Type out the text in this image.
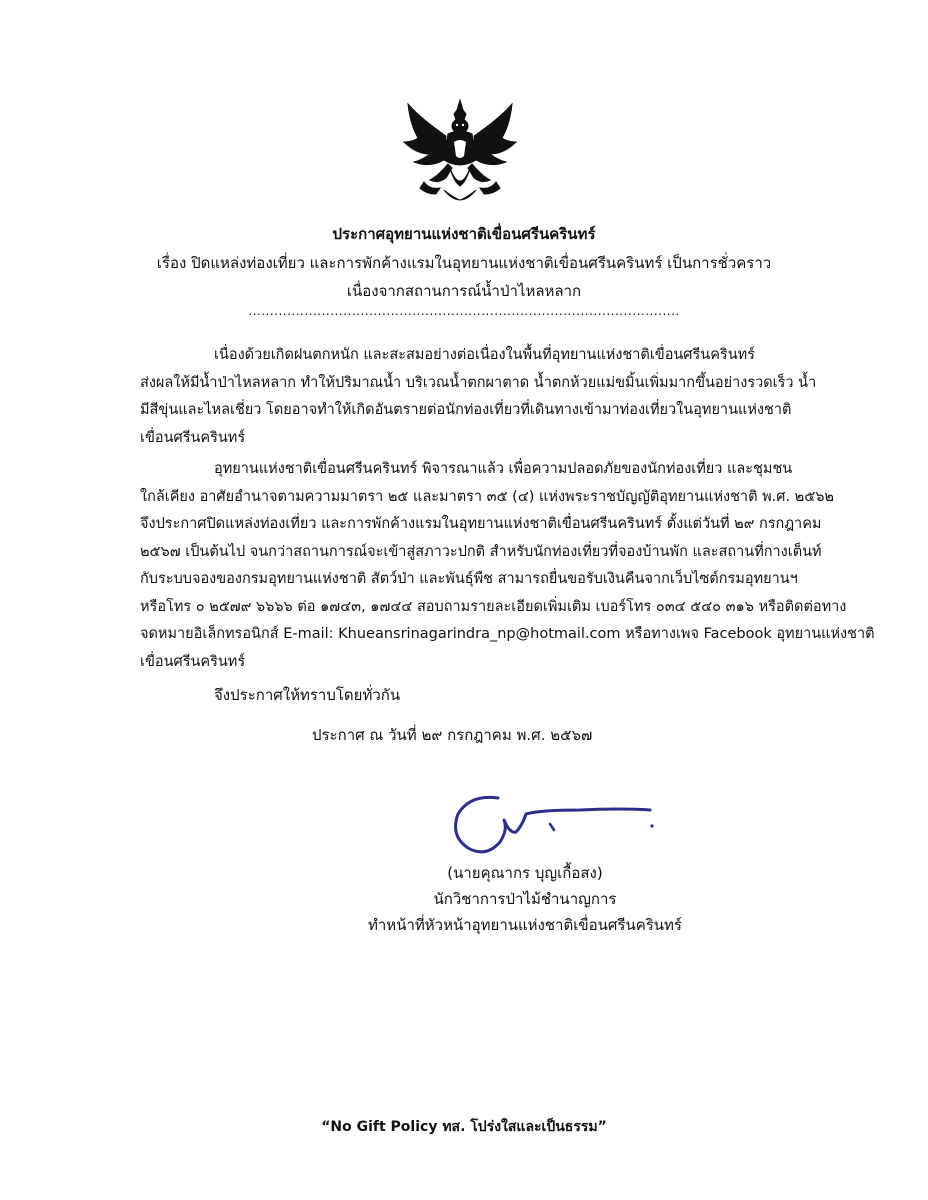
ประกาศอุทยานแห่งชาติเขื่อนศรีนครินทร์
เรื่อง ปิดแหล่งท่องเที่ยว และการพักค้างแรมในอุทยานแห่งชาติเขื่อนศรีนครินทร์ เป็นการชั่วคราว
เนื่องจากสถานการณ์น้ำป่าไหลหลาก
....................................................................................................
เนื่องด้วยเกิดฝนตกหนัก และสะสมอย่างต่อเนื่องในพื้นที่อุทยานแห่งชาติเขื่อนศรีนครินทร์
ส่งผลให้มีน้ำป่าไหลหลาก ทำให้ปริมาณน้ำ บริเวณน้ำตกผาตาด น้ำตกห้วยแม่ขมิ้นเพิ่มมากขึ้นอย่างรวดเร็ว น้ำ
มีสีขุ่นและไหลเชี่ยว โดยอาจทำให้เกิดอันตรายต่อนักท่องเที่ยวที่เดินทางเข้ามาท่องเที่ยวในอุทยานแห่งชาติ
เขื่อนศรีนครินทร์
อุทยานแห่งชาติเขื่อนศรีนครินทร์ พิจารณาแล้ว เพื่อความปลอดภัยของนักท่องเที่ยว และชุมชน
ใกล้เคียง อาศัยอำนาจตามความมาตรา ๒๕ และมาตรา ๓๕ (๔) แห่งพระราชบัญญัติอุทยานแห่งชาติ พ.ศ. ๒๕๖๒
จึงประกาศปิดแหล่งท่องเที่ยว และการพักค้างแรมในอุทยานแห่งชาติเขื่อนศรีนครินทร์ ตั้งแต่วันที่ ๒๙ กรกฎาคม
๒๕๖๗ เป็นต้นไป จนกว่าสถานการณ์จะเข้าสู่สภาวะปกติ สำหรับนักท่องเที่ยวที่จองบ้านพัก และสถานที่กางเต็นท์
กับระบบจองของกรมอุทยานแห่งชาติ สัตว์ป่า และพันธุ์พืช สามารถยื่นขอรับเงินคืนจากเว็บไซต์กรมอุทยานฯ
หรือโทร ๐ ๒๕๗๙ ๖๖๖๖ ต่อ ๑๗๔๓, ๑๗๔๔ สอบถามรายละเอียดเพิ่มเติม เบอร์โทร ๐๓๔ ๕๔๐ ๓๑๖ หรือติดต่อทาง
จดหมายอิเล็กทรอนิกส์ E-mail: Khueansrinagarindra_np@hotmail.com หรือทางเพจ Facebook อุทยานแห่งชาติ
เขื่อนศรีนครินทร์
จึงประกาศให้ทราบโดยทั่วกัน
ประกาศ ณ วันที่ ๒๙ กรกฎาคม พ.ศ. ๒๕๖๗
(นายคุณากร บุญเกื้อสง)
นักวิชาการป่าไม้ชำนาญการ
ทำหน้าที่หัวหน้าอุทยานแห่งชาติเขื่อนศรีนครินทร์
“No Gift Policy ทส. โปร่งใสและเป็นธรรม”
